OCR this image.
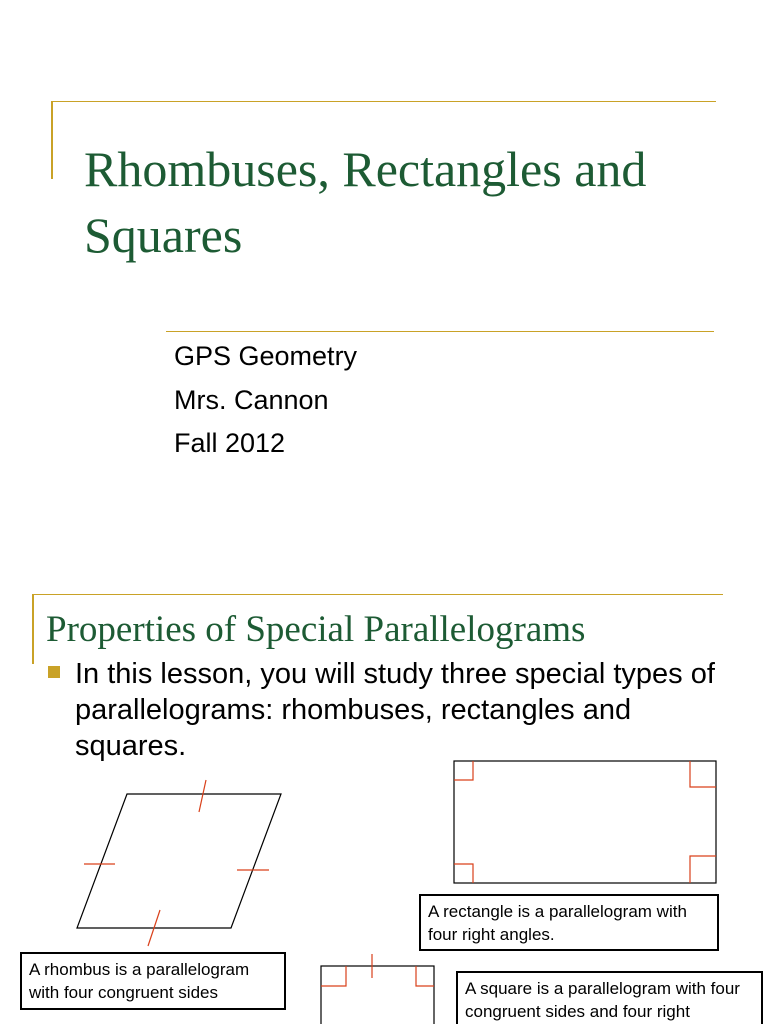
Rhombuses, Rectangles and Squares
GPS Geometry
Mrs. Cannon
Fall 2012
Properties of Special Parallelograms
In this lesson, you will study three special types of parallelograms: rhombuses, rectangles and squares.
A rectangle is a parallelogram with four right angles.
A rhombus is a parallelogram with four congruent sides	A square is a parallelogram with four congruent sides and four right
